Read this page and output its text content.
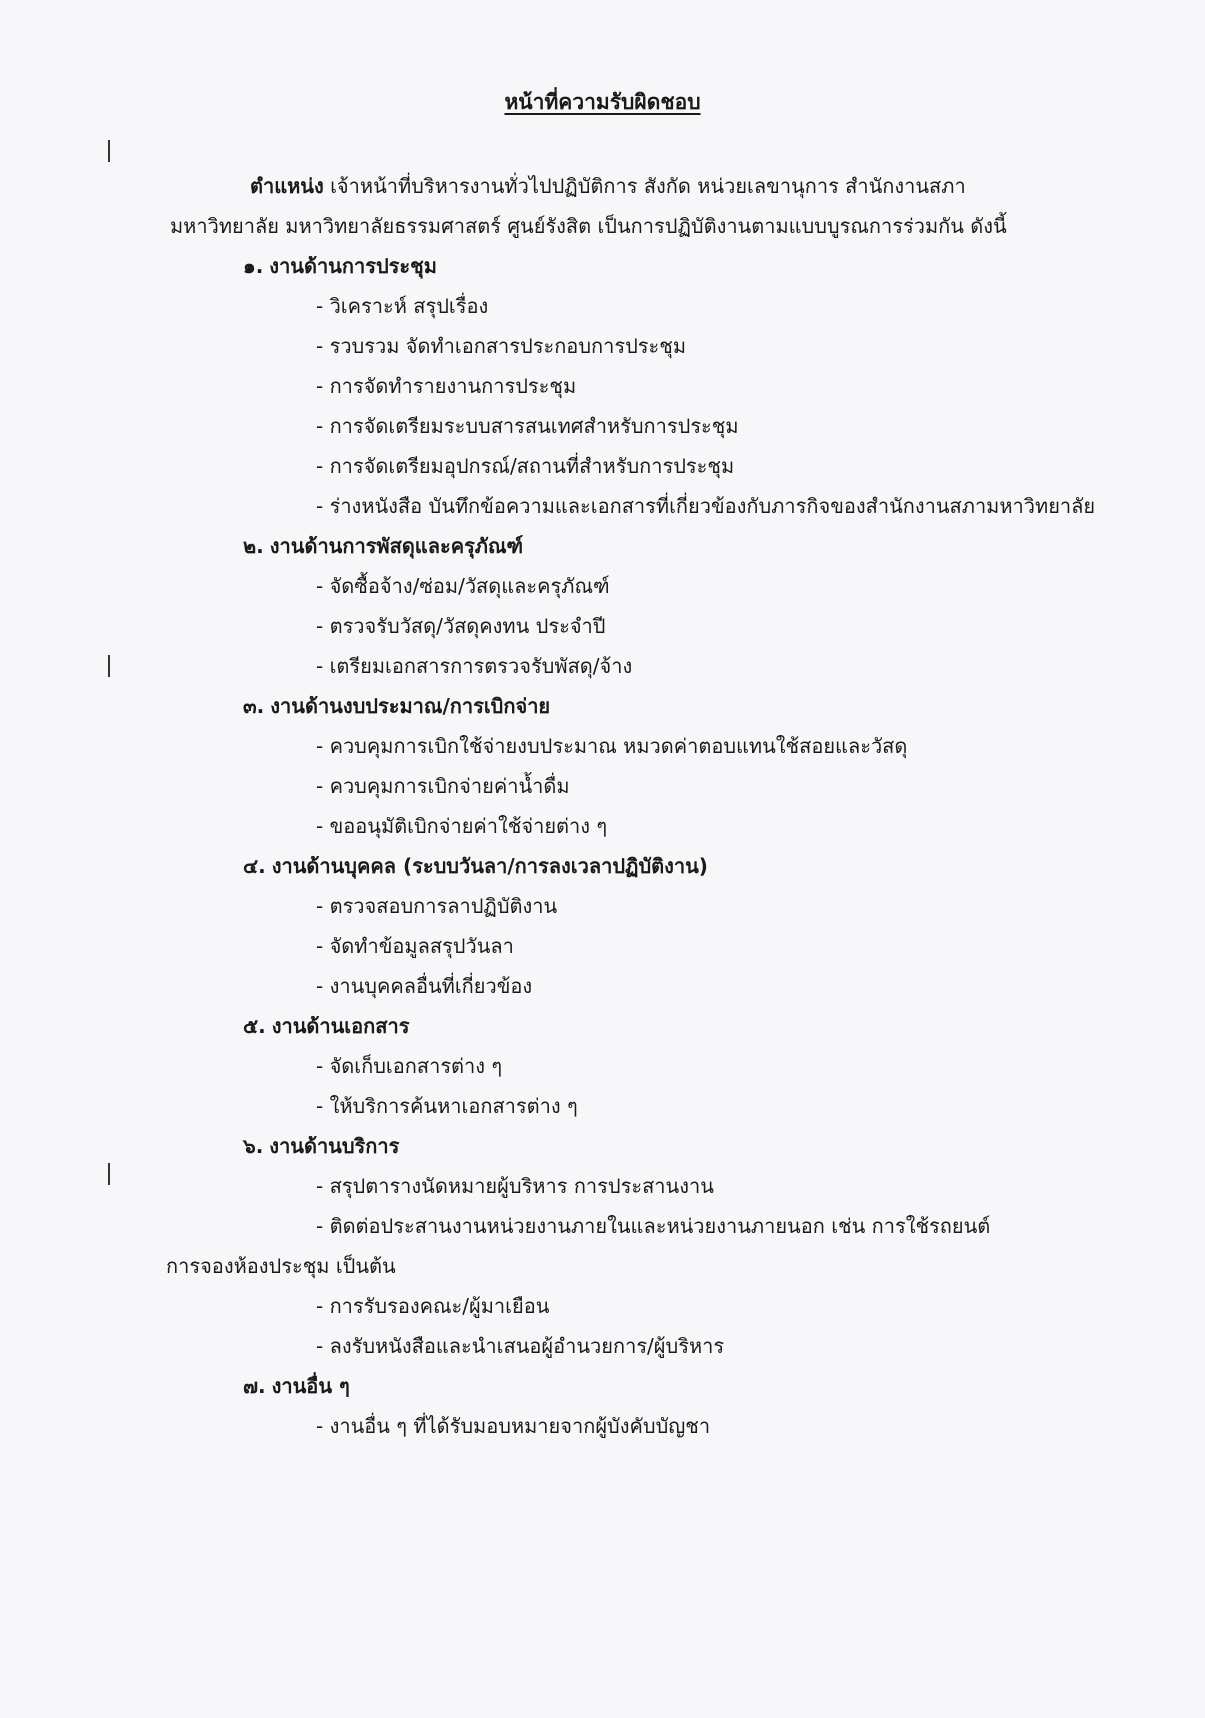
หน้าที่ความรับผิดชอบ

ตำแหน่ง เจ้าหน้าที่บริหารงานทั่วไปปฏิบัติการ สังกัด หน่วยเลขานุการ สำนักงานสภา
มหาวิทยาลัย มหาวิทยาลัยธรรมศาสตร์ ศูนย์รังสิต เป็นการปฏิบัติงานตามแบบบูรณการร่วมกัน ดังนี้

๑. งานด้านการประชุม
- วิเคราะห์ สรุปเรื่อง
- รวบรวม จัดทำเอกสารประกอบการประชุม
- การจัดทำรายงานการประชุม
- การจัดเตรียมระบบสารสนเทศสำหรับการประชุม
- การจัดเตรียมอุปกรณ์/สถานที่สำหรับการประชุม
- ร่างหนังสือ บันทึกข้อความและเอกสารที่เกี่ยวข้องกับภารกิจของสำนักงานสภามหาวิทยาลัย
๒. งานด้านการพัสดุและครุภัณฑ์
- จัดซื้อจ้าง/ซ่อม/วัสดุและครุภัณฑ์
- ตรวจรับวัสดุ/วัสดุคงทน ประจำปี
- เตรียมเอกสารการตรวจรับพัสดุ/จ้าง
๓. งานด้านงบประมาณ/การเบิกจ่าย
- ควบคุมการเบิกใช้จ่ายงบประมาณ หมวดค่าตอบแทนใช้สอยและวัสดุ
- ควบคุมการเบิกจ่ายค่าน้ำดื่ม
- ขออนุมัติเบิกจ่ายค่าใช้จ่ายต่าง ๆ
๔. งานด้านบุคคล (ระบบวันลา/การลงเวลาปฏิบัติงาน)
- ตรวจสอบการลาปฏิบัติงาน
- จัดทำข้อมูลสรุปวันลา
- งานบุคคลอื่นที่เกี่ยวข้อง
๕. งานด้านเอกสาร
- จัดเก็บเอกสารต่าง ๆ
- ให้บริการค้นหาเอกสารต่าง ๆ
๖. งานด้านบริการ
- สรุปตารางนัดหมายผู้บริหาร การประสานงาน
- ติดต่อประสานงานหน่วยงานภายในและหน่วยงานภายนอก เช่น การใช้รถยนต์
การจองห้องประชุม เป็นต้น
- การรับรองคณะ/ผู้มาเยือน
- ลงรับหนังสือและนำเสนอผู้อำนวยการ/ผู้บริหาร
๗. งานอื่น ๆ
- งานอื่น ๆ ที่ได้รับมอบหมายจากผู้บังคับบัญชา
